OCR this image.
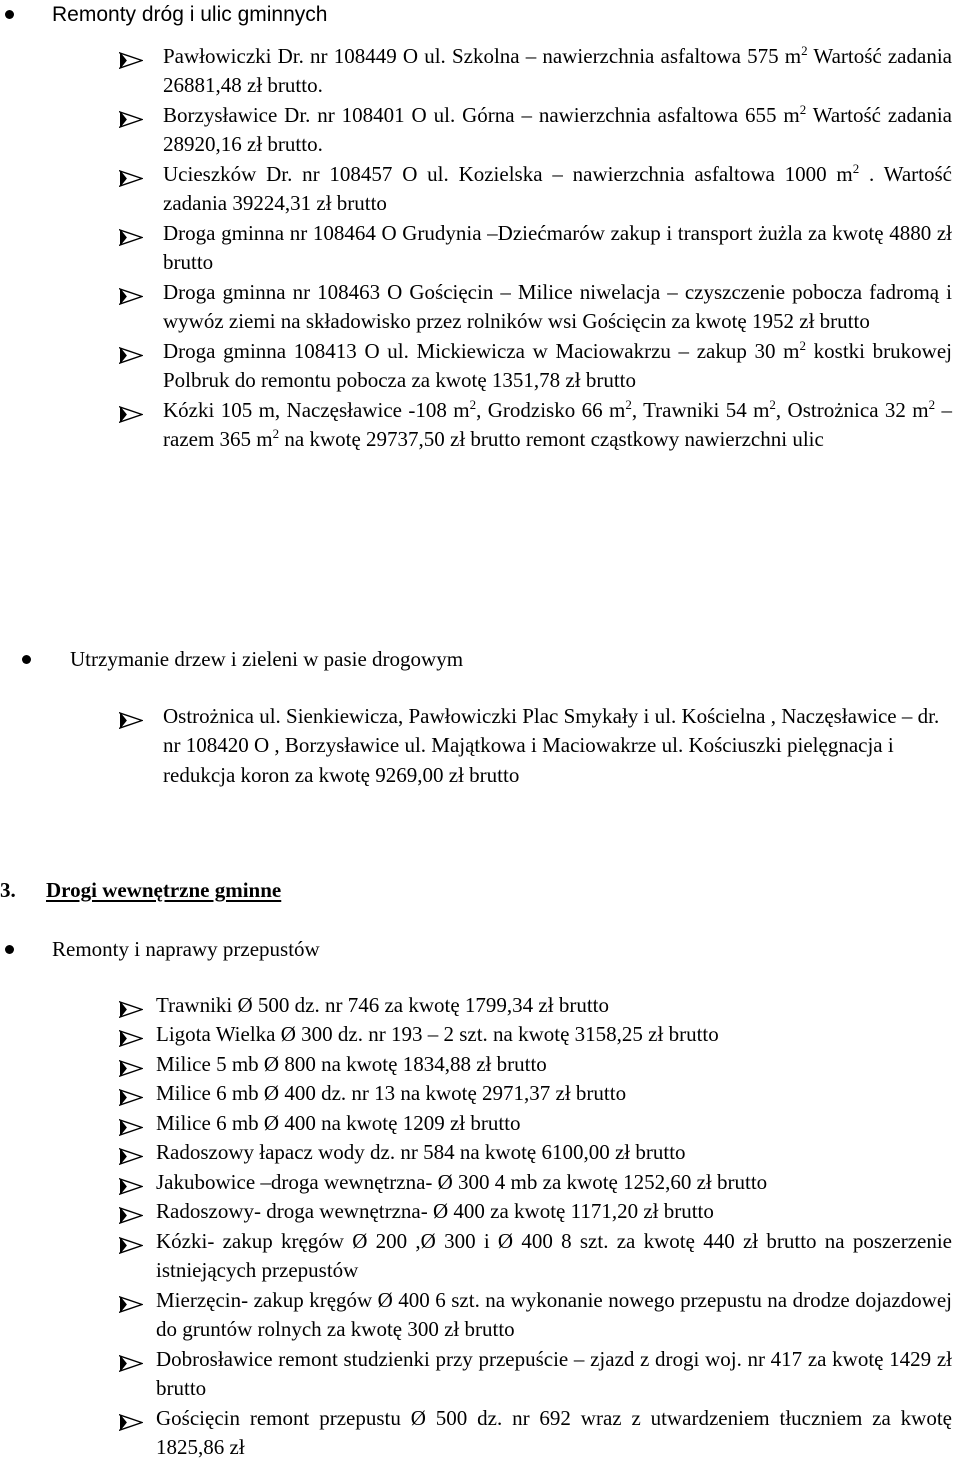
Remonty dróg i ulic gminnych
Pawłowiczki Dr. nr 108449 O ul. Szkolna – nawierzchnia asfaltowa 575 $m^2$ Wartość zadania 26881,48 zł brutto.
Borzysławice Dr. nr 108401 O ul. Górna – nawierzchnia asfaltowa 655 $m^2$ Wartość zadania 28920,16 zł brutto.
Ucieszków Dr. nr 108457 O ul. Kozielska – nawierzchnia asfaltowa 1000 $m^2$ . Wartość zadania 39224,31 zł brutto
Droga gminna nr 108464 O Grudynia –Dziećmarów zakup i transport żużla za kwotę 4880 zł brutto
Droga gminna nr 108463 O Gościęcin – Milice niwelacja – czyszczenie pobocza fadromą i wywóz ziemi na składowisko przez rolników wsi Gościęcin za kwotę 1952 zł brutto
Droga gminna 108413 O ul. Mickiewicza w Maciowakrzu – zakup 30 $m^2$ kostki brukowej Polbruk do remontu pobocza za kwotę 1351,78 zł brutto
Kózki 105 m, Naczęsławice -108 $m^2$, Grodzisko 66 $m^2$, Trawniki 54 $m^2$, Ostrożnica 32 $m^2$ – razem 365 $m^2$ na kwotę 29737,50 zł brutto remont cząstkowy nawierzchni ulic
Utrzymanie drzew i zieleni w pasie drogowym
Ostrożnica ul. Sienkiewicza, Pawłowiczki Plac Smykały i ul. Kościelna , Naczęsławice – dr. nr 108420 O , Borzysławice ul. Majątkowa i Maciowakrze ul. Kościuszki pielęgnacja i redukcja koron za kwotę 9269,00 zł brutto
3. Drogi wewnętrzne gminne
Remonty i naprawy przepustów
Trawniki Ø 500 dz. nr 746 za kwotę 1799,34 zł brutto
Ligota Wielka Ø 300 dz. nr 193 – 2 szt. na kwotę 3158,25 zł brutto
Milice 5 mb Ø 800 na kwotę 1834,88 zł brutto
Milice 6 mb Ø 400 dz. nr 13 na kwotę 2971,37 zł brutto
Milice 6 mb Ø 400 na kwotę 1209 zł brutto
Radoszowy łapacz wody dz. nr 584 na kwotę 6100,00 zł brutto
Jakubowice –droga wewnętrzna- Ø 300 4 mb za kwotę 1252,60 zł brutto
Radoszowy- droga wewnętrzna- Ø 400 za kwotę 1171,20 zł brutto
Kózki- zakup kręgów Ø 200 ,Ø 300 i Ø 400 8 szt. za kwotę 440 zł brutto na poszerzenie istniejących przepustów
Mierzęcin- zakup kręgów Ø 400 6 szt. na wykonanie nowego przepustu na drodze dojazdowej do gruntów rolnych za kwotę 300 zł brutto
Dobrosławice remont studzienki przy przepuście – zjazd z drogi woj. nr 417 za kwotę 1429 zł brutto
Gościęcin remont przepustu Ø 500 dz. nr 692 wraz z utwardzeniem tłuczniem za kwotę 1825,86 zł
